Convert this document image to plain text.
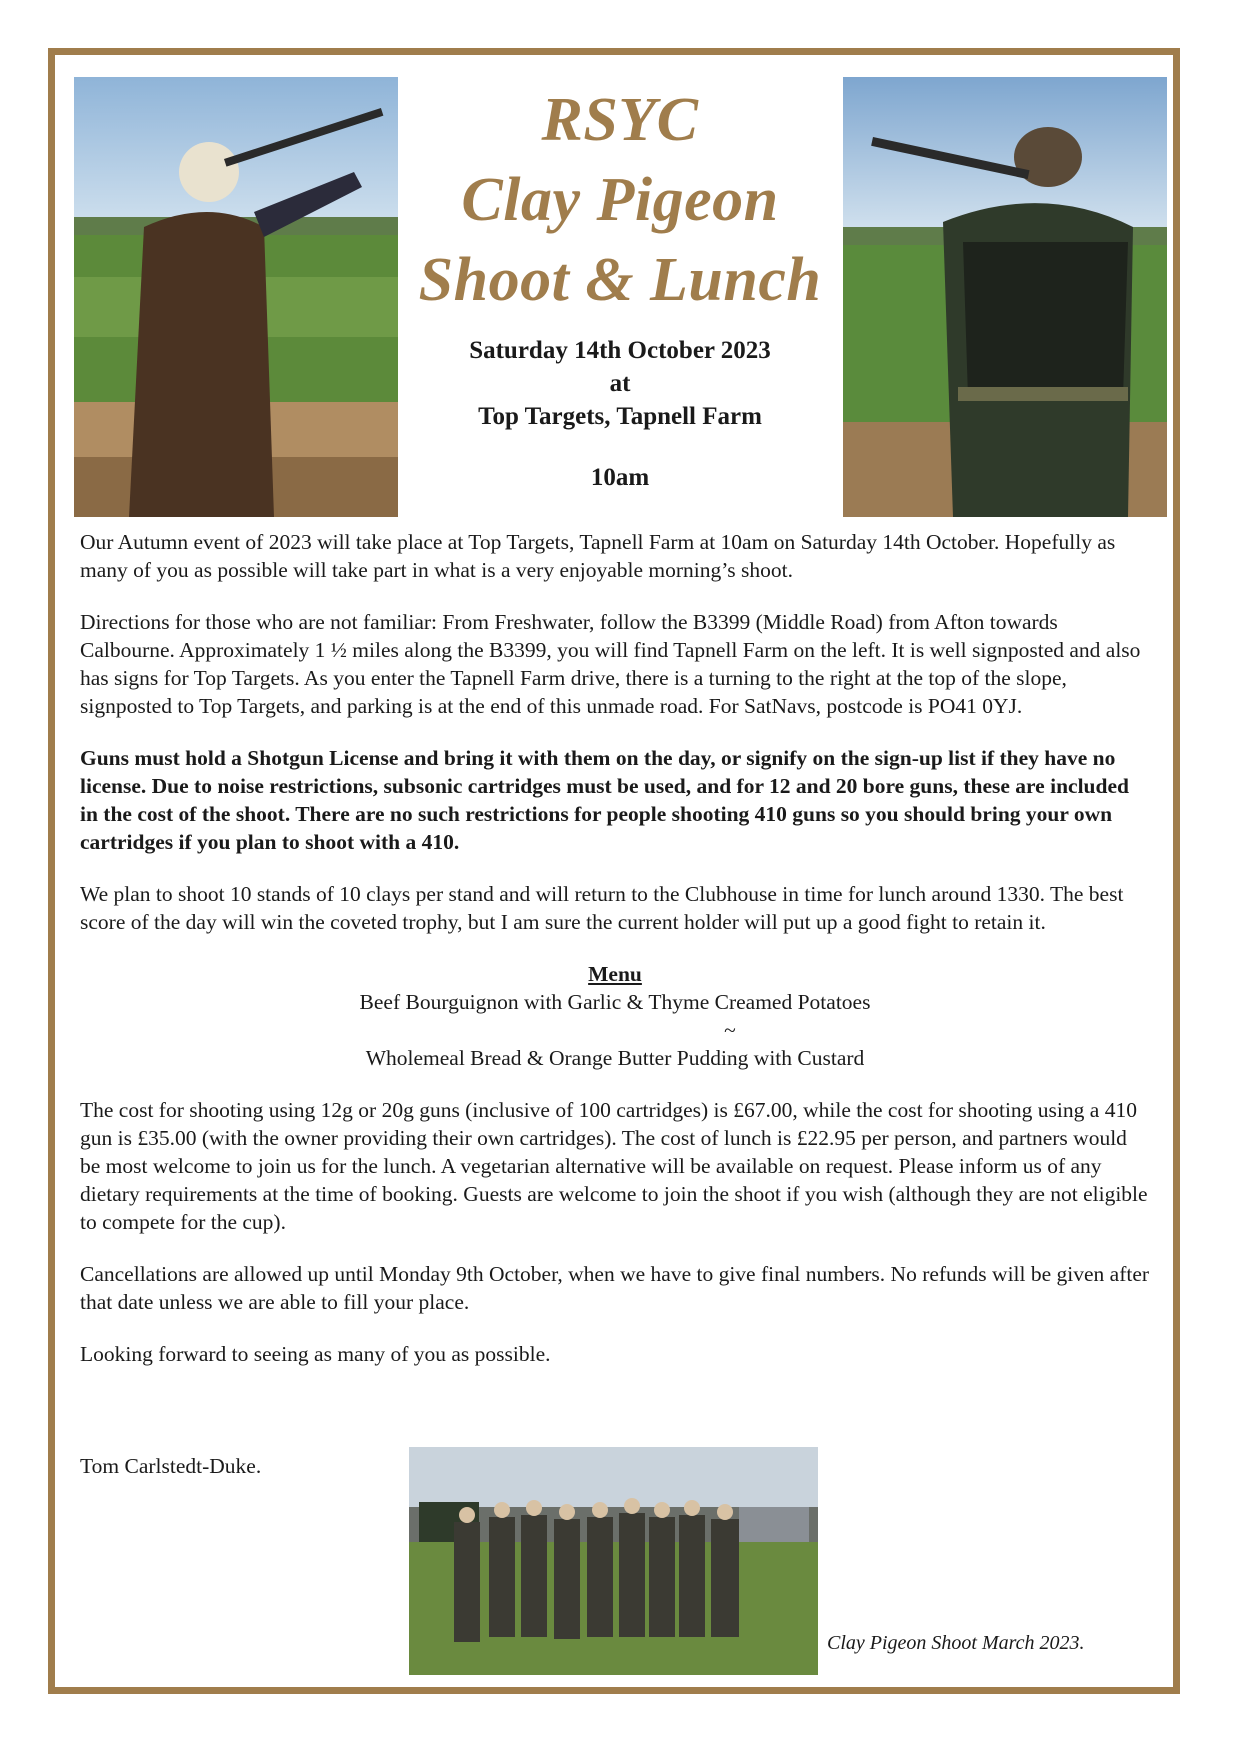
RSYC
Clay Pigeon
Shoot & Lunch
Saturday 14th October 2023
at
Top Targets, Tapnell Farm
10am

Our Autumn event of 2023 will take place at Top Targets, Tapnell Farm at 10am on Saturday 14th October. Hopefully as many of you as possible will take part in what is a very enjoyable morning’s shoot.

Directions for those who are not familiar: From Freshwater, follow the B3399 (Middle Road) from Afton towards Calbourne. Approximately 1 ½ miles along the B3399, you will find Tapnell Farm on the left. It is well signposted and also has signs for Top Targets. As you enter the Tapnell Farm drive, there is a turning to the right at the top of the slope, signposted to Top Targets, and parking is at the end of this unmade road. For SatNavs, postcode is PO41 0YJ.

Guns must hold a Shotgun License and bring it with them on the day, or signify on the sign-up list if they have no license. Due to noise restrictions, subsonic cartridges must be used, and for 12 and 20 bore guns, these are included in the cost of the shoot. There are no such restrictions for people shooting 410 guns so you should bring your own cartridges if you plan to shoot with a 410.

We plan to shoot 10 stands of 10 clays per stand and will return to the Clubhouse in time for lunch around 1330. The best score of the day will win the coveted trophy, but I am sure the current holder will put up a good fight to retain it.

Menu
Beef Bourguignon with Garlic & Thyme Creamed Potatoes
~
Wholemeal Bread & Orange Butter Pudding with Custard

The cost for shooting using 12g or 20g guns (inclusive of 100 cartridges) is £67.00, while the cost for shooting using a 410 gun is £35.00 (with the owner providing their own cartridges). The cost of lunch is £22.95 per person, and partners would be most welcome to join us for the lunch. A vegetarian alternative will be available on request. Please inform us of any dietary requirements at the time of booking. Guests are welcome to join the shoot if you wish (although they are not eligible to compete for the cup).

Cancellations are allowed up until Monday 9th October, when we have to give final numbers. No refunds will be given after that date unless we are able to fill your place.

Looking forward to seeing as many of you as possible.

Tom Carlstedt-Duke.
Clay Pigeon Shoot March 2023.
